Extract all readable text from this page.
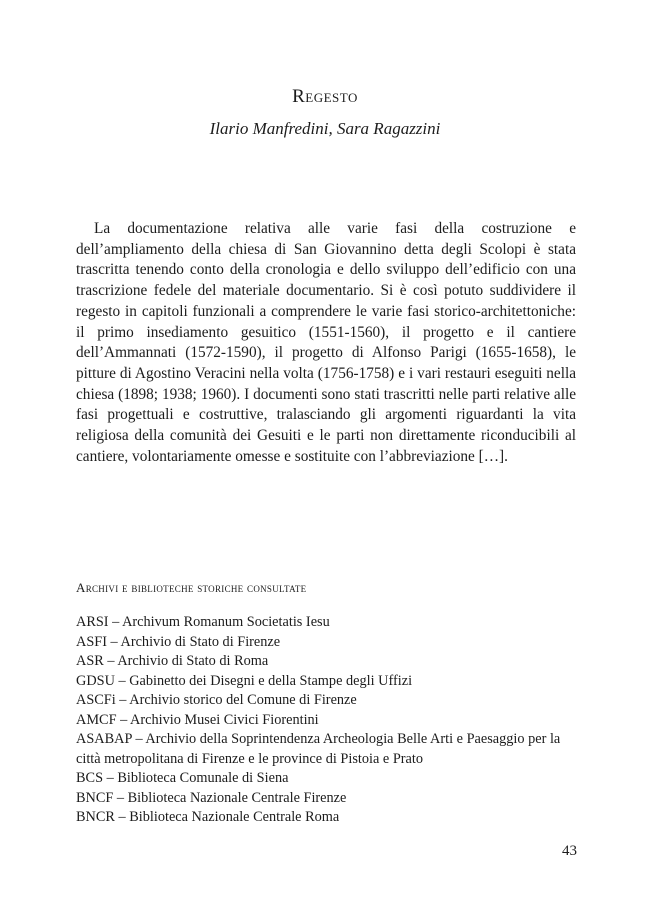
Regesto
Ilario Manfredini, Sara Ragazzini

La documentazione relativa alle varie fasi della costruzione e dell’ampliamento della chiesa di San Giovannino detta degli Scolopi è stata trascritta tenendo conto della cronologia e dello sviluppo dell’edificio con una trascrizione fedele del materiale documentario. Si è così potuto suddividere il regesto in capitoli funzionali a comprendere le varie fasi storico-architettoniche: il primo insediamento gesuitico (1551-1560), il progetto e il cantiere dell’Ammannati (1572-1590), il progetto di Alfonso Parigi (1655-1658), le pitture di Agostino Veracini nella volta (1756-1758) e i vari restauri eseguiti nella chiesa (1898; 1938; 1960). I documenti sono stati trascritti nelle parti relative alle fasi progettuali e costruttive, tralasciando gli argomenti riguardanti la vita religiosa della comunità dei Gesuiti e le parti non direttamente riconducibili al cantiere, volontariamente omesse e sostituite con l’abbreviazione […].

Archivi e biblioteche storiche consultate
ARSI – Archivum Romanum Societatis Iesu
ASFI – Archivio di Stato di Firenze
ASR – Archivio di Stato di Roma
GDSU – Gabinetto dei Disegni e della Stampe degli Uffizi
ASCFi – Archivio storico del Comune di Firenze
AMCF – Archivio Musei Civici Fiorentini
ASABAP – Archivio della Soprintendenza Archeologia Belle Arti e Paesaggio per la città metropolitana di Firenze e le province di Pistoia e Prato
BCS – Biblioteca Comunale di Siena
BNCF – Biblioteca Nazionale Centrale Firenze
BNCR – Biblioteca Nazionale Centrale Roma
43
